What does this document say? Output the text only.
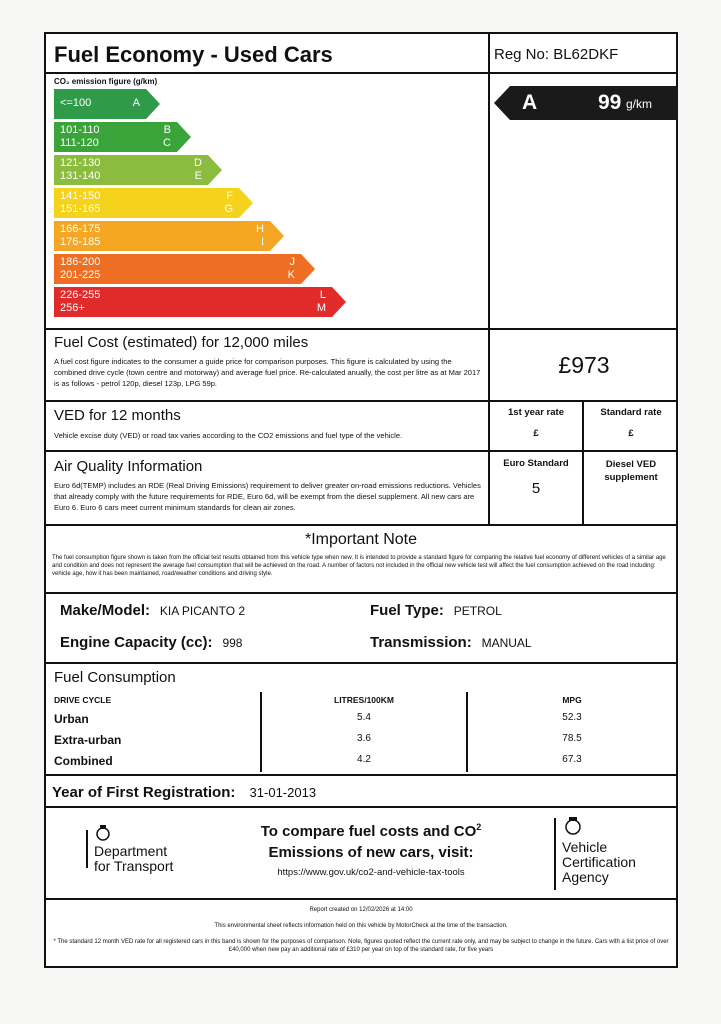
Fuel Economy - Used Cars	Reg No: BL62DKF
CO₂ emission figure (g/km)
A	99 g/km
Fuel Cost (estimated) for 12,000 miles
A fuel cost figure indicates to the consumer a guide price for comparison purposes. This figure is calculated by using the combined drive cycle (town centre and motorway) and average fuel price. Re-calculated anually, the cost per litre as at Mar 2017 is as follows - petrol 120p, diesel 123p, LPG 59p.
£973
VED for 12 months
Vehicle excise duty (VED) or road tax varies according to the CO2 emissions and fuel type of the vehicle.
1st year rate
£
Standard rate
£
Air Quality Information
Euro 6d(TEMP) includes an RDE (Real Driving Emissions) requirement to deliver greater on-road emissions reductions. Vehicles that already comply with the future requirements for RDE, Euro 6d, will be exempt from the diesel supplement. All new cars are Euro 6. Euro 6 cars meet current minimum standards for clean air zones.
Euro Standard
5
Diesel VED supplement
*Important Note
The fuel consumption figure shown is taken from the official test results obtained from this vehicle type when new. It is intended to provide a standard figure for comparing the relative fuel economy of different vehicles of a similar age and condition and does not represent the average fuel consumption that will be achieved on the road. A number of factors not included in the official new vehicle test will affect the fuel consumption achieved on the road including: vehicle age, how it has been maintained, road/weather conditions and driving style.
Make/Model: KIA PICANTO 2	Fuel Type: PETROL
Engine Capacity (cc): 998	Transmission: MANUAL
Fuel Consumption
DRIVE CYCLE	LITRES/100KM	MPG
Year of First Registration: 31-01-2013
Department
for Transport
To compare fuel costs and $CO^2$
Emissions of new cars, visit:
https://www.gov.uk/co2-and-vehicle-tax-tools
Vehicle
Certification
Agency
Report created on 12/02/2026 at 14:00
This environmental sheet reflects information held on this vehicle by MotorCheck at the time of the transaction.
* The standard 12 month VED rate for all registered cars in this band is shown for the purposes of comparison. Note, figures quoted reflect the current rate only, and may be subject to change in the future. Cars with a list price of over £40,000 when new pay an additional rate of £310 per year on top of the standard rate, for five years
<=100	A
101-110
111-120
B
C
121-130
131-140
D
E
141-150
151-165
F
G
166-175
176-185
H
I
186-200
201-225
J
K
226-255
256+
L
M
Urban	5.4	52.3
Extra-urban	3.6	78.5
Combined	4.2	67.3
